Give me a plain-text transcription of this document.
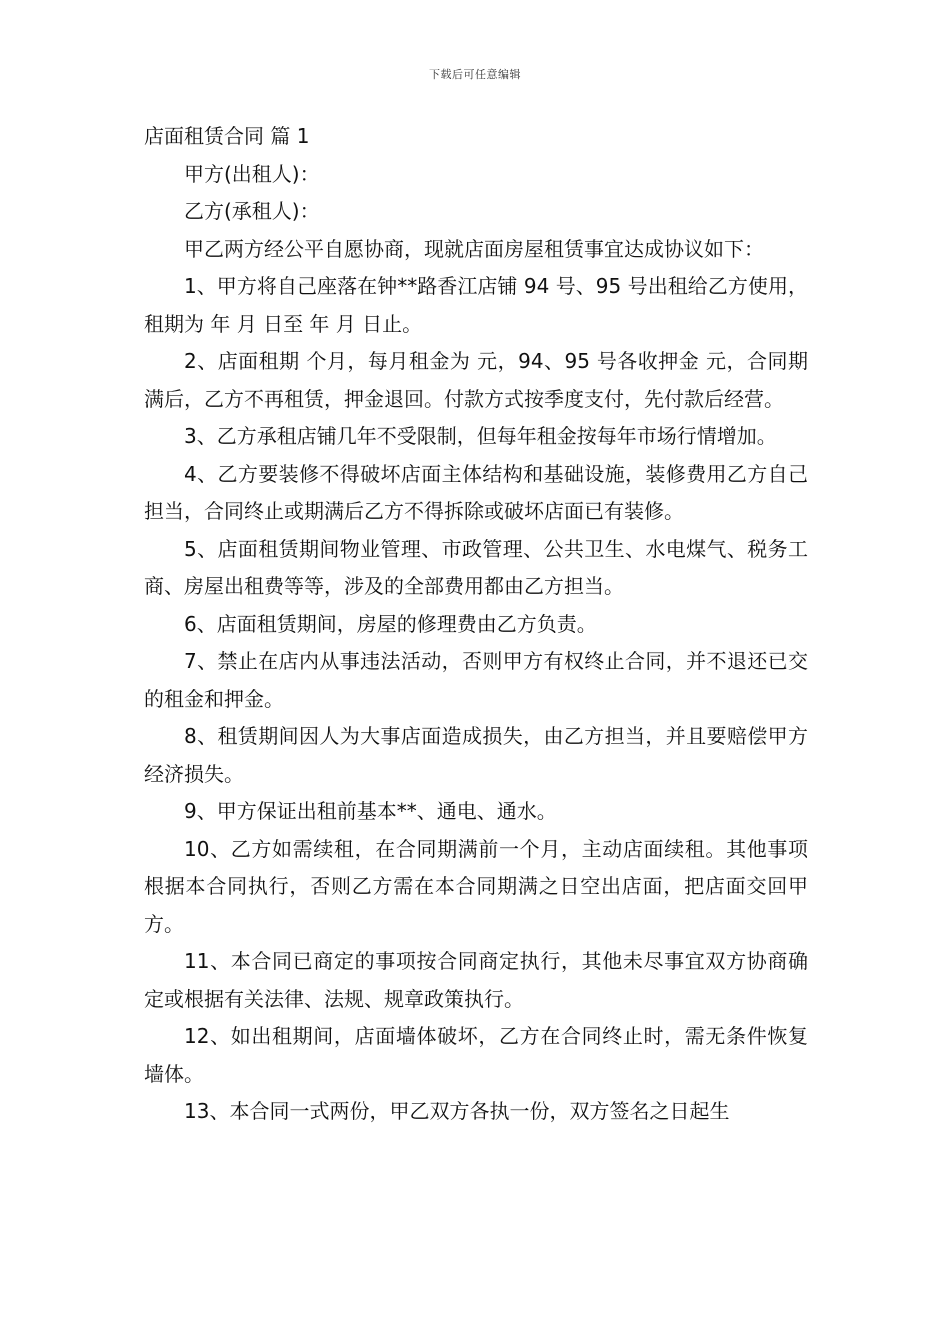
下载后可任意编辑

店面租赁合同 篇 1

甲方(出租人)：

乙方(承租人)：

甲乙两方经公平自愿协商，现就店面房屋租赁事宜达成协议如下：

1、甲方将自己座落在钟**路香江店铺 94 号、95 号出租给乙方使用，租期为 年 月 日至 年 月 日止。

2、店面租期 个月，每月租金为 元，94、95 号各收押金 元，合同期满后，乙方不再租赁，押金退回。付款方式按季度支付，先付款后经营。

3、乙方承租店铺几年不受限制，但每年租金按每年市场行情增加。

4、乙方要装修不得破坏店面主体结构和基础设施，装修费用乙方自己担当，合同终止或期满后乙方不得拆除或破坏店面已有装修。

5、店面租赁期间物业管理、市政管理、公共卫生、水电煤气、税务工商、房屋出租费等等，涉及的全部费用都由乙方担当。

6、店面租赁期间，房屋的修理费由乙方负责。

7、禁止在店内从事违法活动，否则甲方有权终止合同，并不退还已交的租金和押金。

8、租赁期间因人为大事店面造成损失，由乙方担当，并且要赔偿甲方经济损失。

9、甲方保证出租前基本**、通电、通水。

10、乙方如需续租，在合同期满前一个月，主动店面续租。其他事项根据本合同执行，否则乙方需在本合同期满之日空出店面，把店面交回甲方。

11、本合同已商定的事项按合同商定执行，其他未尽事宜双方协商确定或根据有关法律、法规、规章政策执行。

12、如出租期间，店面墙体破坏，乙方在合同终止时，需无条件恢复墙体。

13、本合同一式两份，甲乙双方各执一份，双方签名之日起生
